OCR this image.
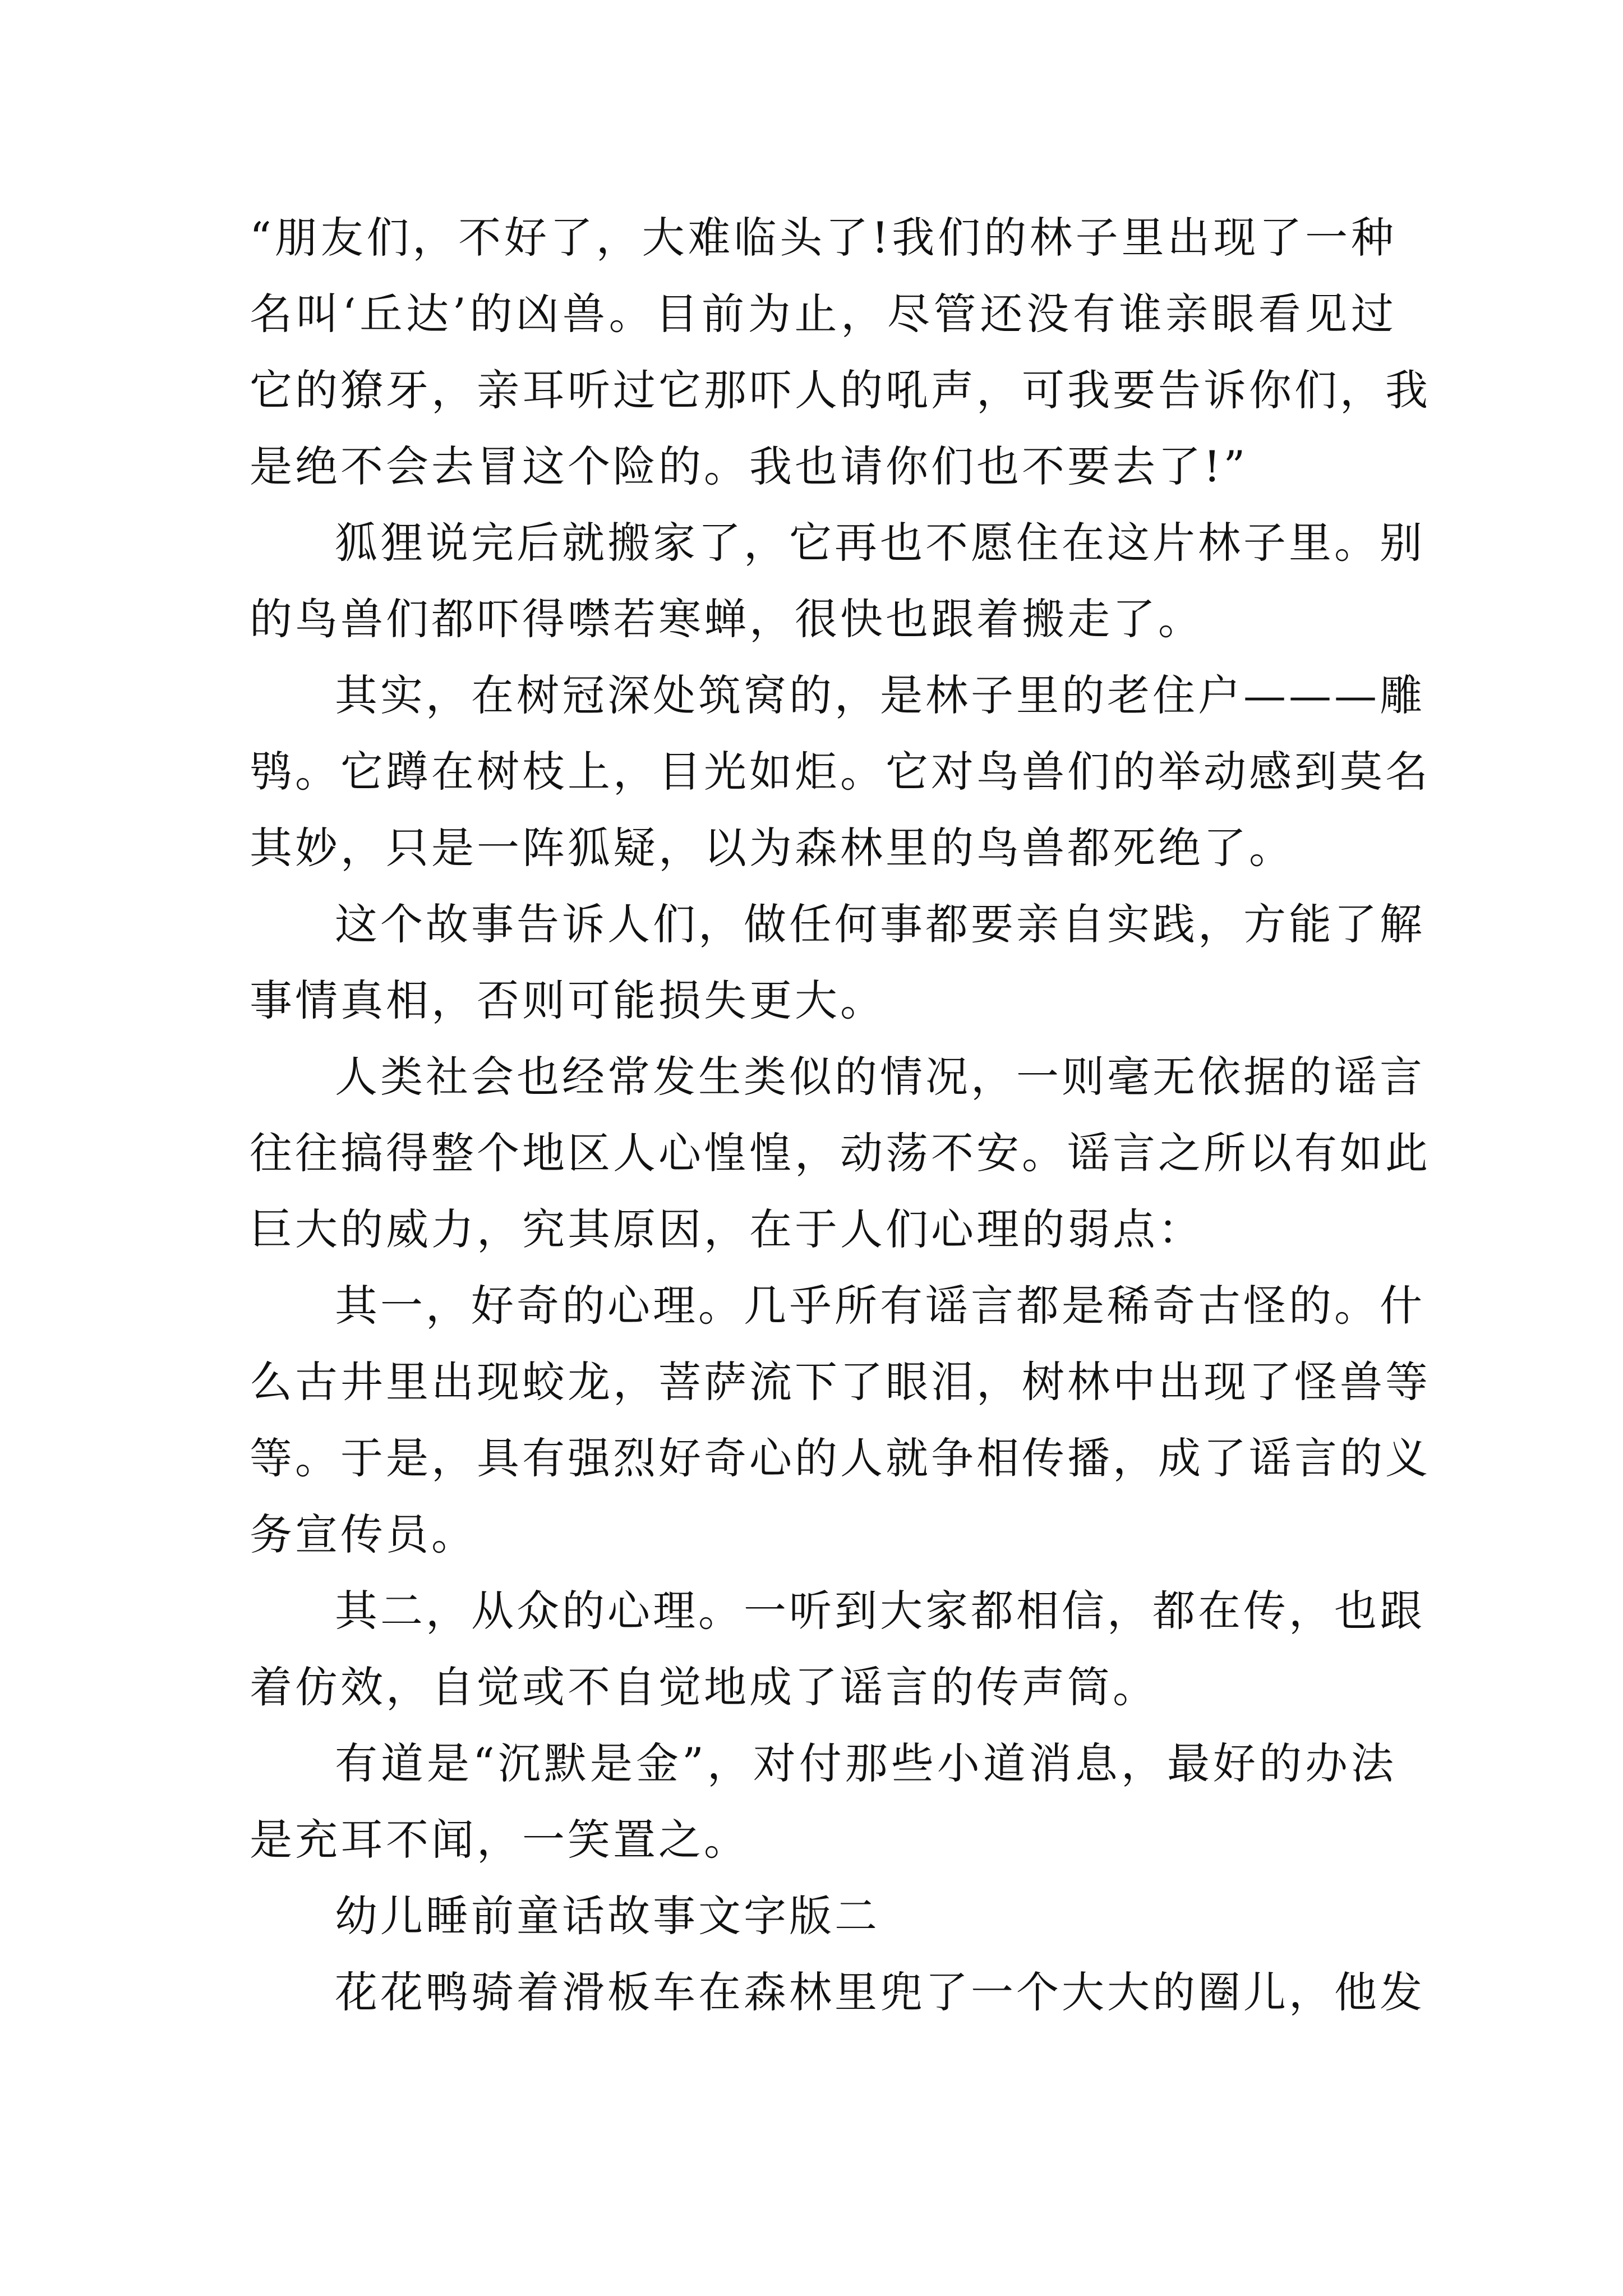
“朋友们，不好了，大难临头了!我们的林子里出现了一种
名叫‘丘达’的凶兽。目前为止，尽管还没有谁亲眼看见过
它的獠牙，亲耳听过它那吓人的吼声，可我要告诉你们，我
是绝不会去冒这个险的。我也请你们也不要去了!”
狐狸说完后就搬家了，它再也不愿住在这片林子里。别
的鸟兽们都吓得噤若寒蝉，很快也跟着搬走了。
其实，在树冠深处筑窝的，是林子里的老住户———雕
鸮。它蹲在树枝上，目光如炬。它对鸟兽们的举动感到莫名
其妙，只是一阵狐疑，以为森林里的鸟兽都死绝了。
这个故事告诉人们，做任何事都要亲自实践，方能了解
事情真相，否则可能损失更大。
人类社会也经常发生类似的情况，一则毫无依据的谣言
往往搞得整个地区人心惶惶，动荡不安。谣言之所以有如此
巨大的威力，究其原因，在于人们心理的弱点：
其一，好奇的心理。几乎所有谣言都是稀奇古怪的。什
么古井里出现蛟龙，菩萨流下了眼泪，树林中出现了怪兽等
等。于是，具有强烈好奇心的人就争相传播，成了谣言的义
务宣传员。
其二，从众的心理。一听到大家都相信，都在传，也跟
着仿效，自觉或不自觉地成了谣言的传声筒。
有道是“沉默是金”，对付那些小道消息，最好的办法
是充耳不闻，一笑置之。
幼儿睡前童话故事文字版二
花花鸭骑着滑板车在森林里兜了一个大大的圈儿，他发
